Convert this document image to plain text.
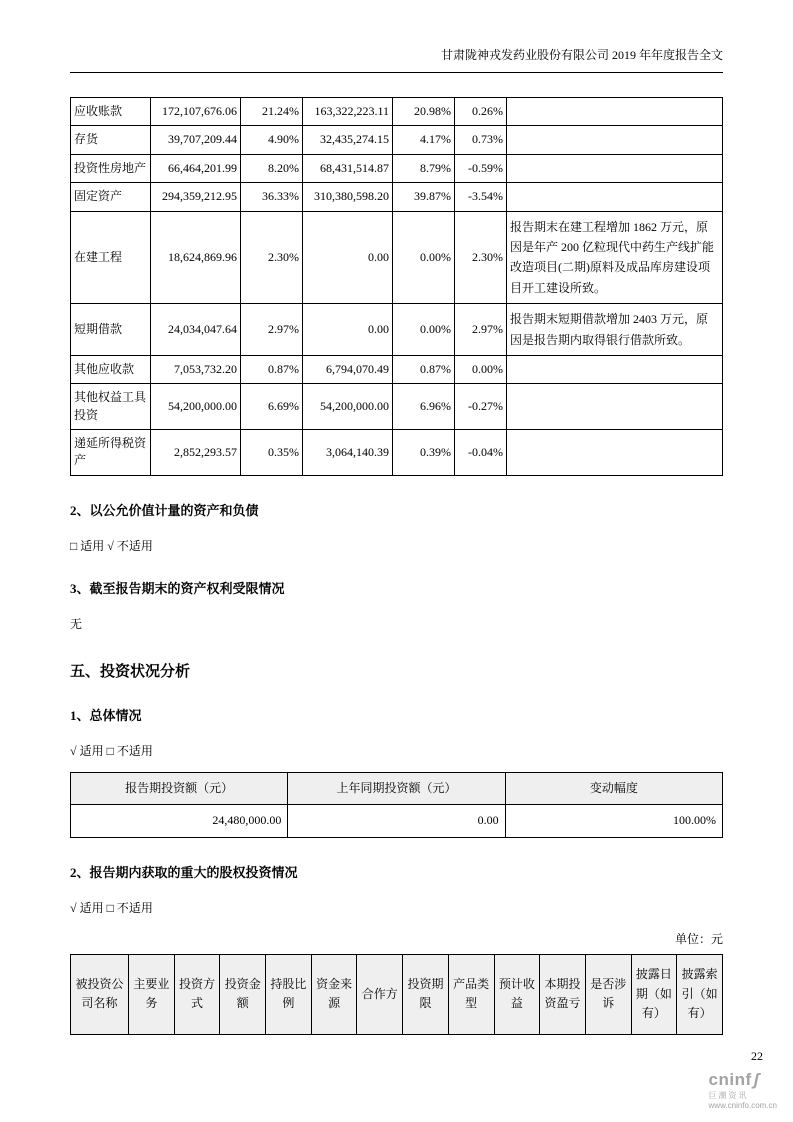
甘肃陇神戎发药业股份有限公司 2019 年年度报告全文
应收账款	172,107,676.06	21.24%	163,322,223.11	20.98%	0.26%	
存货	39,707,209.44	4.90%	32,435,274.15	4.17%	0.73%	
投资性房地产	66,464,201.99	8.20%	68,431,514.87	8.79%	-0.59%	
固定资产	294,359,212.95	36.33%	310,380,598.20	39.87%	-3.54%	
在建工程	18,624,869.96	2.30%	0.00	0.00%	2.30%	报告期末在建工程增加 1862 万元，原因是年产 200 亿粒现代中药生产线扩能改造项目(二期)原料及成品库房建设项目开工建设所致。
短期借款	24,034,047.64	2.97%	0.00	0.00%	2.97%	报告期末短期借款增加 2403 万元，原因是报告期内取得银行借款所致。
其他应收款	7,053,732.20	0.87%	6,794,070.49	0.87%	0.00%	
其他权益工具投资	54,200,000.00	6.69%	54,200,000.00	6.96%	-0.27%	
递延所得税资产	2,852,293.57	0.35%	3,064,140.39	0.39%	-0.04%	
2、以公允价值计量的资产和负债

□ 适用 √ 不适用

3、截至报告期末的资产权利受限情况

无

五、投资状况分析
1、总体情况

√ 适用 □ 不适用

报告期投资额（元）	上年同期投资额（元）	变动幅度
24,480,000.00	0.00	100.00%
2、报告期内获取的重大的股权投资情况

√ 适用 □ 不适用

单位：元
被投资公司名称	主要业务	投资方式	投资金额	持股比例	资金来源	合作方	投资期限	产品类型	预计收益	本期投资盈亏	是否涉诉	披露日期（如有）	披露索引（如有）
22
cninf ʃ
巨潮资讯
www.cninfo.com.cn
